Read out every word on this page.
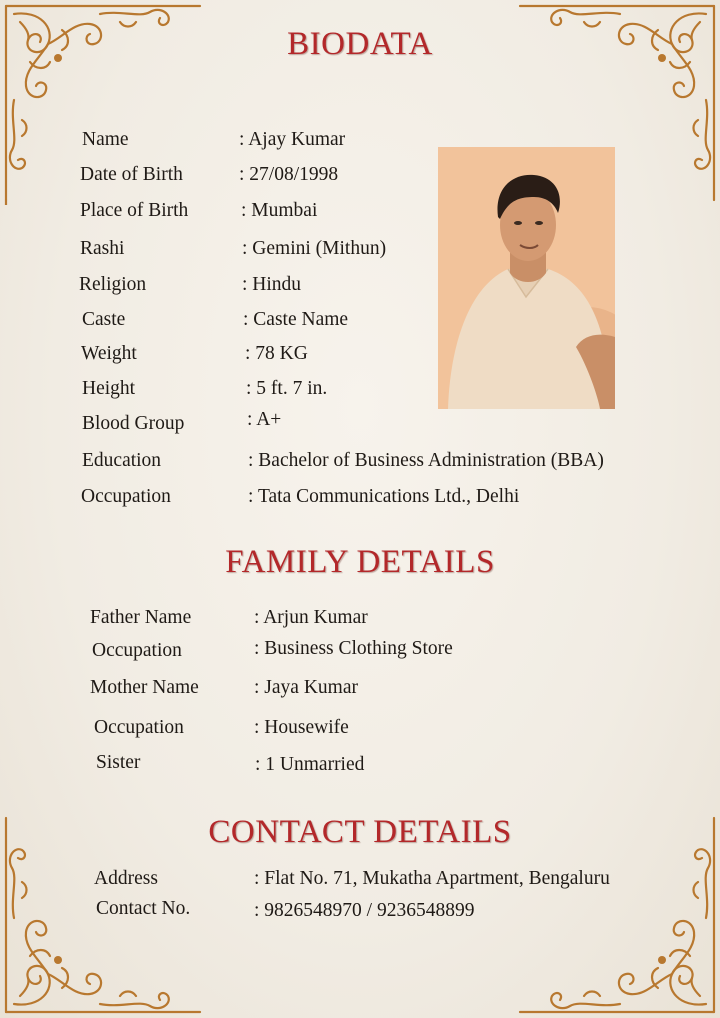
BIODATA
FAMILY DETAILS
CONTACT DETAILS
Name	: Ajay Kumar
Date of Birth	: 27/08/1998
Place of Birth	: Mumbai
Rashi	: Gemini (Mithun)
Religion	: Hindu
Caste	: Caste Name
Weight	: 78 KG
Height	: 5 ft. 7 in.
Blood Group	: A+
Education	: Bachelor of Business Administration (BBA)
Occupation	: Tata Communications Ltd., Delhi
Father Name	: Arjun Kumar
Occupation	: Business Clothing Store
Mother Name	: Jaya Kumar
Occupation	: Housewife
Sister	: 1 Unmarried
Address	: Flat No. 71, Mukatha Apartment, Bengaluru
Contact No.	: 9826548970 / 9236548899
